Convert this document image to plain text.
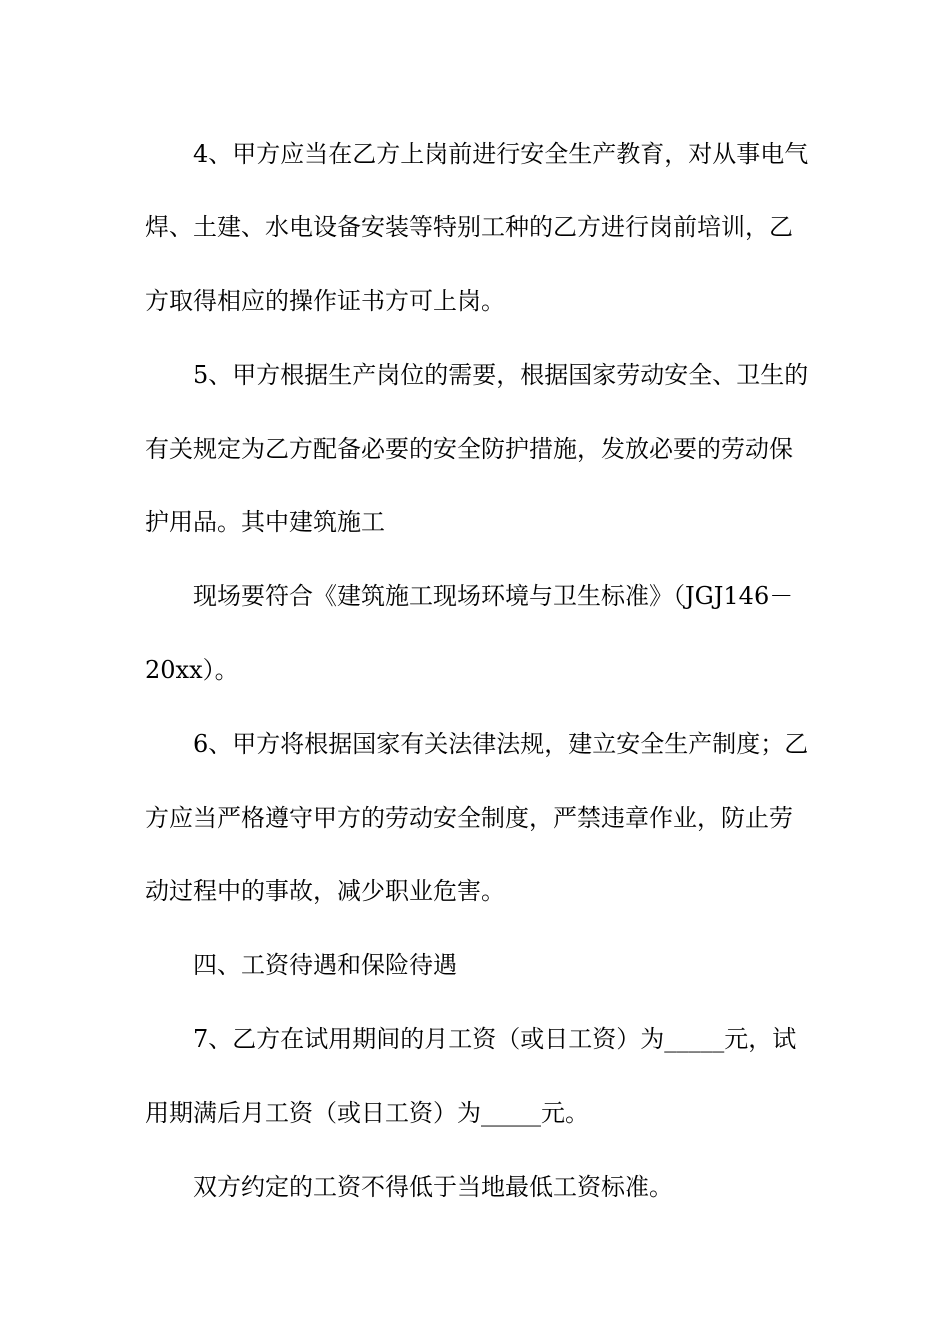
4、甲方应当在乙方上岗前进行安全生产教育，对从事电气
焊、土建、水电设备安装等特别工种的乙方进行岗前培训，乙
方取得相应的操作证书方可上岗。
5、甲方根据生产岗位的需要，根据国家劳动安全、卫生的
有关规定为乙方配备必要的安全防护措施，发放必要的劳动保
护用品。其中建筑施工
现场要符合《建筑施工现场环境与卫生标准》（JGJ146－
20xx）。
6、甲方将根据国家有关法律法规，建立安全生产制度；乙
方应当严格遵守甲方的劳动安全制度，严禁违章作业，防止劳
动过程中的事故，减少职业危害。
四、工资待遇和保险待遇
7、乙方在试用期间的月工资（或日工资）为_____元，试
用期满后月工资（或日工资）为_____元。
双方约定的工资不得低于当地最低工资标准。
